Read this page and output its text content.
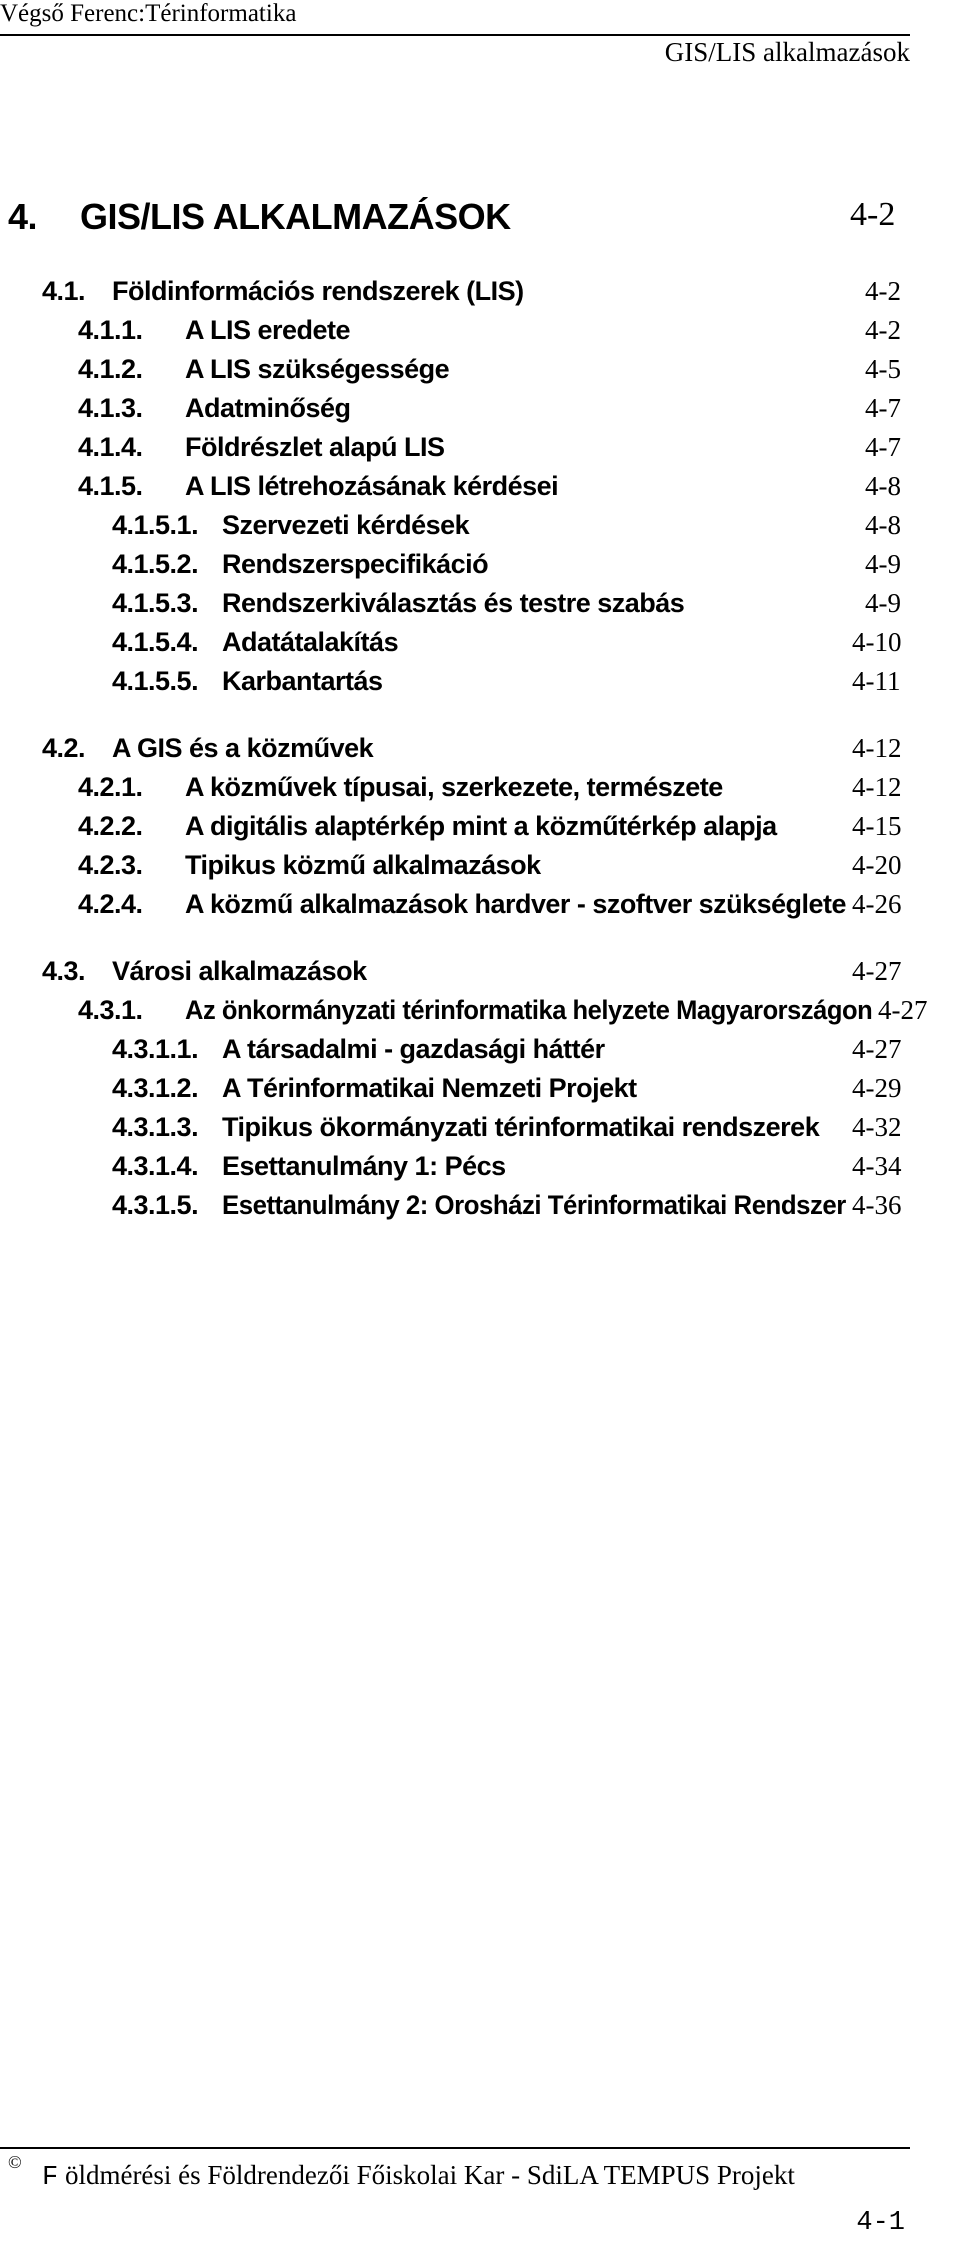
Végső Ferenc:Térinformatika
GIS/LIS alkalmazások
4. GIS/LIS ALKALMAZÁSOK	4-2
4.1. Földinformációs rendszerek (LIS)	4-2
4.1.1. A LIS eredete	4-2
4.1.2. A LIS szükségessége	4-5
4.1.3. Adatminőség	4-7
4.1.4. Földrészlet alapú LIS	4-7
4.1.5. A LIS létrehozásának kérdései	4-8
4.1.5.1. Szervezeti kérdések	4-8
4.1.5.2. Rendszerspecifikáció	4-9
4.1.5.3. Rendszerkiválasztás és testre szabás	4-9
4.1.5.4. Adatátalakítás	4-10
4.1.5.5. Karbantartás	4-11
4.2. A GIS és a közművek	4-12
4.2.1. A közművek típusai, szerkezete, természete	4-12
4.2.2. A digitális alaptérkép mint a közműtérkép alapja	4-15
4.2.3. Tipikus közmű alkalmazások	4-20
4.2.4. A közmű alkalmazások hardver - szoftver szükséglete 4-26
4.3. Városi alkalmazások	4-27
4.3.1. Az önkormányzati térinformatika helyzete Magyarországon 4-27
4.3.1.1. A társadalmi - gazdasági háttér	4-27
4.3.1.2. A Térinformatikai Nemzeti Projekt	4-29
4.3.1.3. Tipikus ökormányzati térinformatikai rendszerek 4-32
4.3.1.4. Esettanulmány 1: Pécs	4-34
4.3.1.5. Esettanulmány 2: Orosházi Térinformatikai Rendszer 4-36
©
F öldmérési és Földrendezői Főiskolai Kar - SdiLA TEMPUS Projekt
4-1
